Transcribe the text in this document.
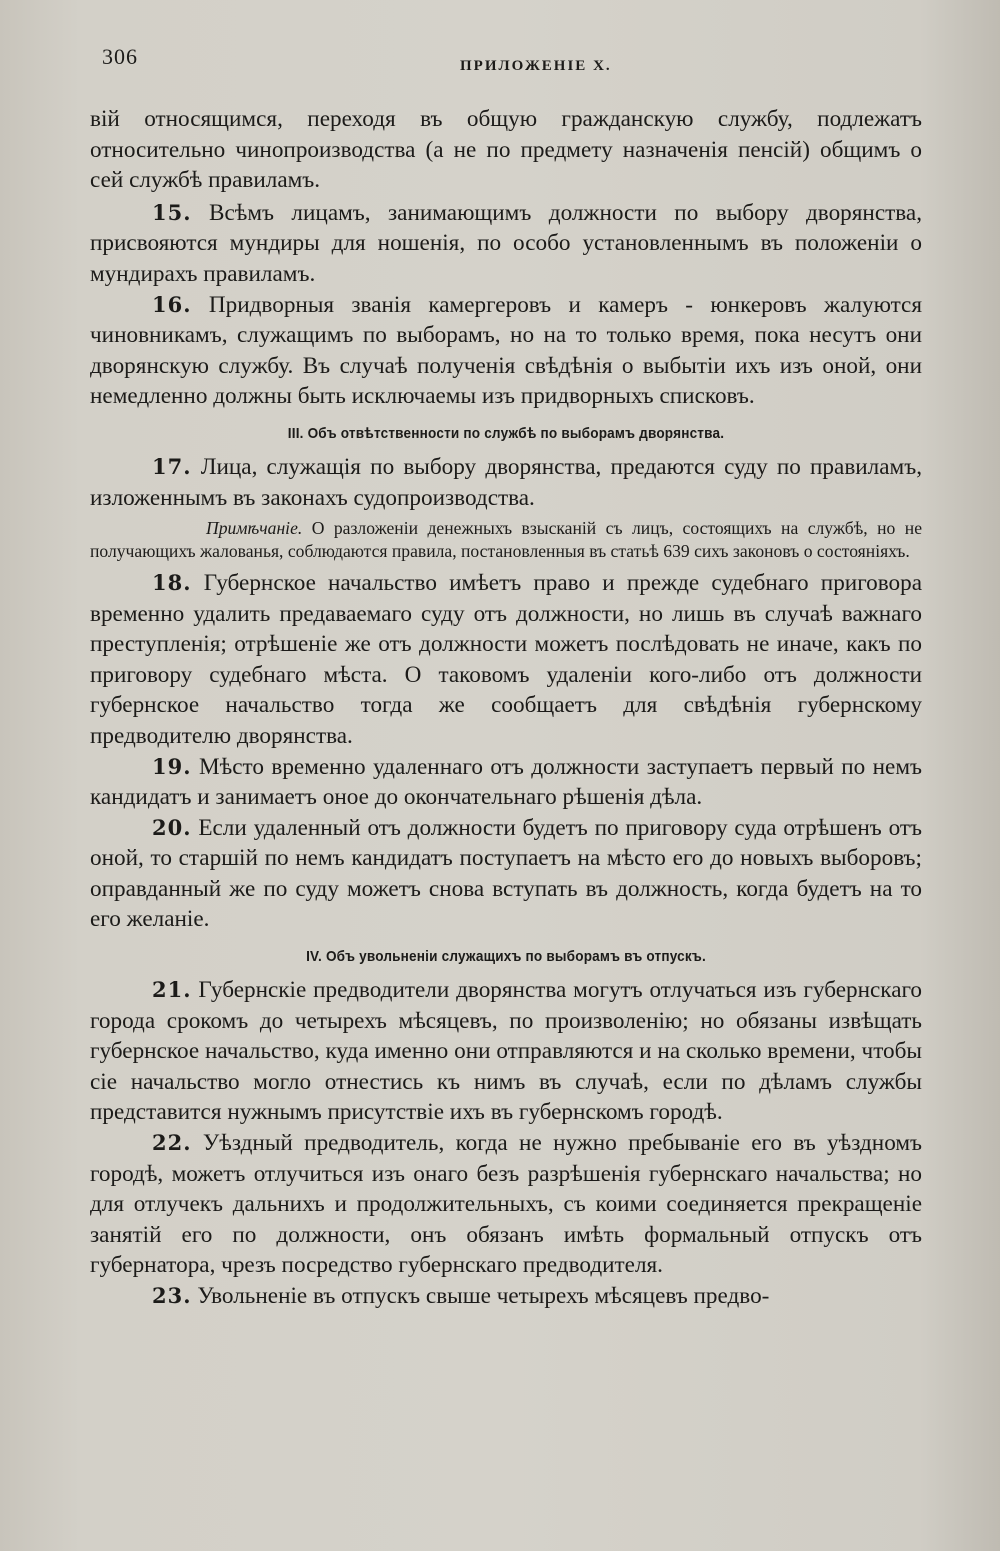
306	ПРИЛОЖЕНІЕ X.

вій относящимся, переходя въ общую гражданскую службу, подлежатъ относительно чинопроизводства (а не по предмету назначенія пенсій) общимъ о сей службѣ правиламъ.

15. Всѣмъ лицамъ, занимающимъ должности по выбору дворянства, присвояются мундиры для ношенія, по особо установленнымъ въ положеніи о мундирахъ правиламъ.

16. Придворныя званія камергеровъ и камеръ - юнкеровъ жалуются чиновникамъ, служащимъ по выборамъ, но на то только время, пока несутъ они дворянскую службу. Въ случаѣ полученія свѣдѣнія о выбытіи ихъ изъ оной, они немедленно должны быть исключаемы изъ придворныхъ списковъ.

III. Объ отвѣтственности по службѣ по выборамъ дворянства.

17. Лица, служащія по выбору дворянства, предаются суду по правиламъ, изложеннымъ въ законахъ судопроизводства.

Примѣчаніе. О разложеніи денежныхъ взысканій съ лицъ, состоящихъ на службѣ, но не получающихъ жалованья, соблюдаются правила, постановленныя въ статьѣ 639 сихъ законовъ о состояніяхъ.

18. Губернское начальство имѣетъ право и прежде судебнаго приговора временно удалить предаваемаго суду отъ должности, но лишь въ случаѣ важнаго преступленія; отрѣшеніе же отъ должности можетъ послѣдовать не иначе, какъ по приговору судебнаго мѣста. О таковомъ удаленіи кого-либо отъ должности губернское начальство тогда же сообщаетъ для свѣдѣнія губернскому предводителю дворянства.

19. Мѣсто временно удаленнаго отъ должности заступаетъ первый по немъ кандидатъ и занимаетъ оное до окончательнаго рѣшенія дѣла.

20. Если удаленный отъ должности будетъ по приговору суда отрѣшенъ отъ оной, то старшій по немъ кандидатъ поступаетъ на мѣсто его до новыхъ выборовъ; оправданный же по суду можетъ снова вступать въ должность, когда будетъ на то его желаніе.

IV. Объ увольненіи служащихъ по выборамъ въ отпускъ.

21. Губернскіе предводители дворянства могутъ отлучаться изъ губернскаго города срокомъ до четырехъ мѣсяцевъ, по произволенію; но обязаны извѣщать губернское начальство, куда именно они отправляются и на сколько времени, чтобы сіе начальство могло отнестись къ нимъ въ случаѣ, если по дѣламъ службы представится нужнымъ присутствіе ихъ въ губернскомъ городѣ.

22. Уѣздный предводитель, когда не нужно пребываніе его въ уѣздномъ городѣ, можетъ отлучиться изъ онаго безъ разрѣшенія губернскаго начальства; но для отлучекъ дальнихъ и продолжительныхъ, съ коими соединяется прекращеніе занятій его по должности, онъ обязанъ имѣть формальный отпускъ отъ губернатора, чрезъ посредство губернскаго предводителя.

23. Увольненіе въ отпускъ свыше четырехъ мѣсяцевъ предво-
